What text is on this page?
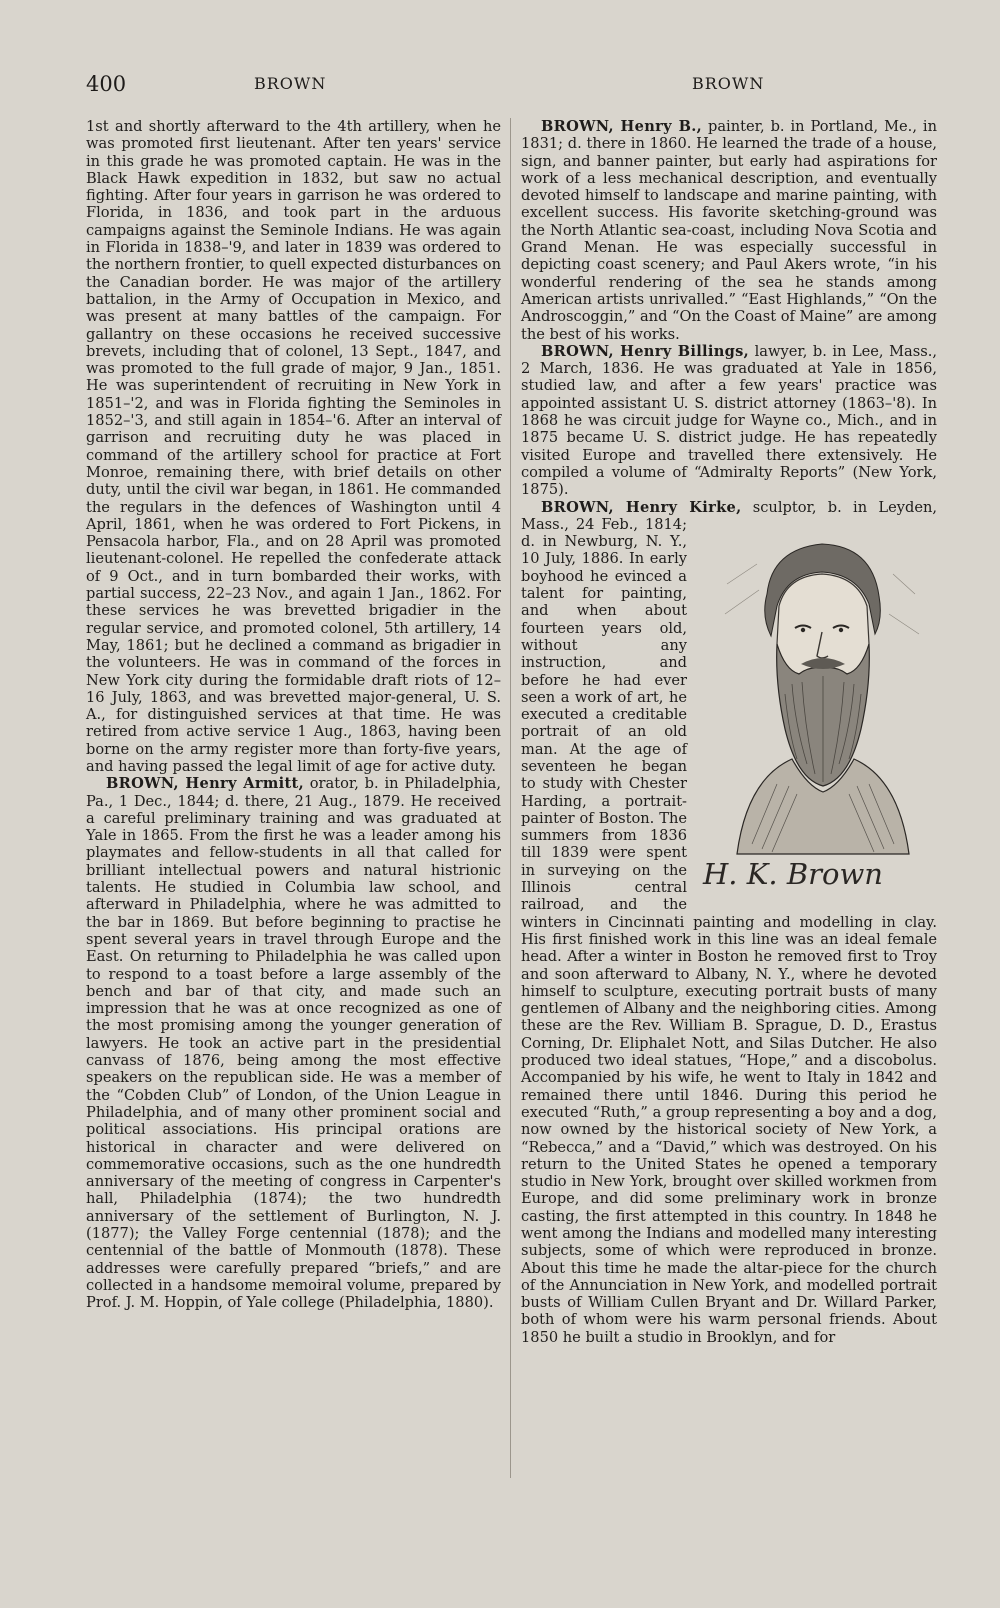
400	BROWN	BROWN

1st and shortly afterward to the 4th artillery, when he was promoted first lieutenant. After ten years' service in this grade he was promoted captain. He was in the Black Hawk expedition in 1832, but saw no actual fighting. After four years in garrison he was ordered to Florida, in 1836, and took part in the arduous campaigns against the Seminole Indians. He was again in Florida in 1838–'9, and later in 1839 was ordered to the northern frontier, to quell expected disturbances on the Canadian border. He was major of the artillery battalion, in the Army of Occupation in Mexico, and was present at many battles of the campaign. For gallantry on these occasions he received successive brevets, including that of colonel, 13 Sept., 1847, and was promoted to the full grade of major, 9 Jan., 1851. He was superintendent of recruiting in New York in 1851–'2, and was in Florida fighting the Seminoles in 1852–'3, and still again in 1854–'6. After an interval of garrison and recruiting duty he was placed in command of the artillery school for practice at Fort Monroe, remaining there, with brief details on other duty, until the civil war began, in 1861. He commanded the regulars in the defences of Washington until 4 April, 1861, when he was ordered to Fort Pickens, in Pensacola harbor, Fla., and on 28 April was promoted lieutenant-colonel. He repelled the confederate attack of 9 Oct., and in turn bombarded their works, with partial success, 22–23 Nov., and again 1 Jan., 1862. For these services he was brevetted brigadier in the regular service, and promoted colonel, 5th artillery, 14 May, 1861; but he declined a command as brigadier in the volunteers. He was in command of the forces in New York city during the formidable draft riots of 12–16 July, 1863, and was brevetted major-general, U. S. A., for distinguished services at that time. He was retired from active service 1 Aug., 1863, having been borne on the army register more than forty-five years, and having passed the legal limit of age for active duty.

BROWN, Henry Armitt, orator, b. in Philadelphia, Pa., 1 Dec., 1844; d. there, 21 Aug., 1879. He received a careful preliminary training and was graduated at Yale in 1865. From the first he was a leader among his playmates and fellow-students in all that called for brilliant intellectual powers and natural histrionic talents. He studied in Columbia law school, and afterward in Philadelphia, where he was admitted to the bar in 1869. But before beginning to practise he spent several years in travel through Europe and the East. On returning to Philadelphia he was called upon to respond to a toast before a large assembly of the bench and bar of that city, and made such an impression that he was at once recognized as one of the most promising among the younger generation of lawyers. He took an active part in the presidential canvass of 1876, being among the most effective speakers on the republican side. He was a member of the “Cobden Club” of London, of the Union League in Philadelphia, and of many other prominent social and political associations. His principal orations are historical in character and were delivered on commemorative occasions, such as the one hundredth anniversary of the meeting of congress in Carpenter's hall, Philadelphia (1874); the two hundredth anniversary of the settlement of Burlington, N. J. (1877); the Valley Forge centennial (1878); and the centennial of the battle of Monmouth (1878). These addresses were carefully prepared “briefs,” and are collected in a handsome memoiral volume, prepared by Prof. J. M. Hoppin, of Yale college (Philadelphia, 1880).

BROWN, Henry B., painter, b. in Portland, Me., in 1831; d. there in 1860. He learned the trade of a house, sign, and banner painter, but early had aspirations for work of a less mechanical description, and eventually devoted himself to landscape and marine painting, with excellent success. His favorite sketching-ground was the North Atlantic sea-coast, including Nova Scotia and Grand Menan. He was especially successful in depicting coast scenery; and Paul Akers wrote, “in his wonderful rendering of the sea he stands among American artists unrivalled.” “East Highlands,” “On the Androscoggin,” and “On the Coast of Maine” are among the best of his works.

BROWN, Henry Billings, lawyer, b. in Lee, Mass., 2 March, 1836. He was graduated at Yale in 1856, studied law, and after a few years' practice was appointed assistant U. S. district attorney (1863–'8). In 1868 he was circuit judge for Wayne co., Mich., and in 1875 became U. S. district judge. He has repeatedly visited Europe and travelled there extensively. He compiled a volume of “Admiralty Reports” (New York, 1875).

BROWN, Henry Kirke,
H. K. Brown
sculptor, b. in Leyden, Mass., 24 Feb., 1814; d. in Newburg, N. Y., 10 July, 1886. In early boyhood he evinced a talent for painting, and when about fourteen years old, without any instruction, and before he had ever seen a work of art, he executed a creditable portrait of an old man. At the age of seventeen he began to study with Chester Harding, a portrait-painter of Boston. The summers from 1836 till 1839 were spent in surveying on the Illinois central railroad, and the winters in Cincinnati painting and modelling in clay. His first finished work in this line was an ideal female head. After a winter in Boston he removed first to Troy and soon afterward to Albany, N. Y., where he devoted himself to sculpture, executing portrait busts of many gentlemen of Albany and the neighboring cities. Among these are the Rev. William B. Sprague, D. D., Erastus Corning, Dr. Eliphalet Nott, and Silas Dutcher. He also produced two ideal statues, “Hope,” and a discobolus. Accompanied by his wife, he went to Italy in 1842 and remained there until 1846. During this period he executed “Ruth,” a group representing a boy and a dog, now owned by the historical society of New York, a “Rebecca,” and a “David,” which was destroyed. On his return to the United States he opened a temporary studio in New York, brought over skilled workmen from Europe, and did some preliminary work in bronze casting, the first attempted in this country. In 1848 he went among the Indians and modelled many interesting subjects, some of which were reproduced in bronze. About this time he made the altar-piece for the church of the Annunciation in New York, and modelled portrait busts of William Cullen Bryant and Dr. Willard Parker, both of whom were his warm personal friends. About 1850 he built a studio in Brooklyn, and for
